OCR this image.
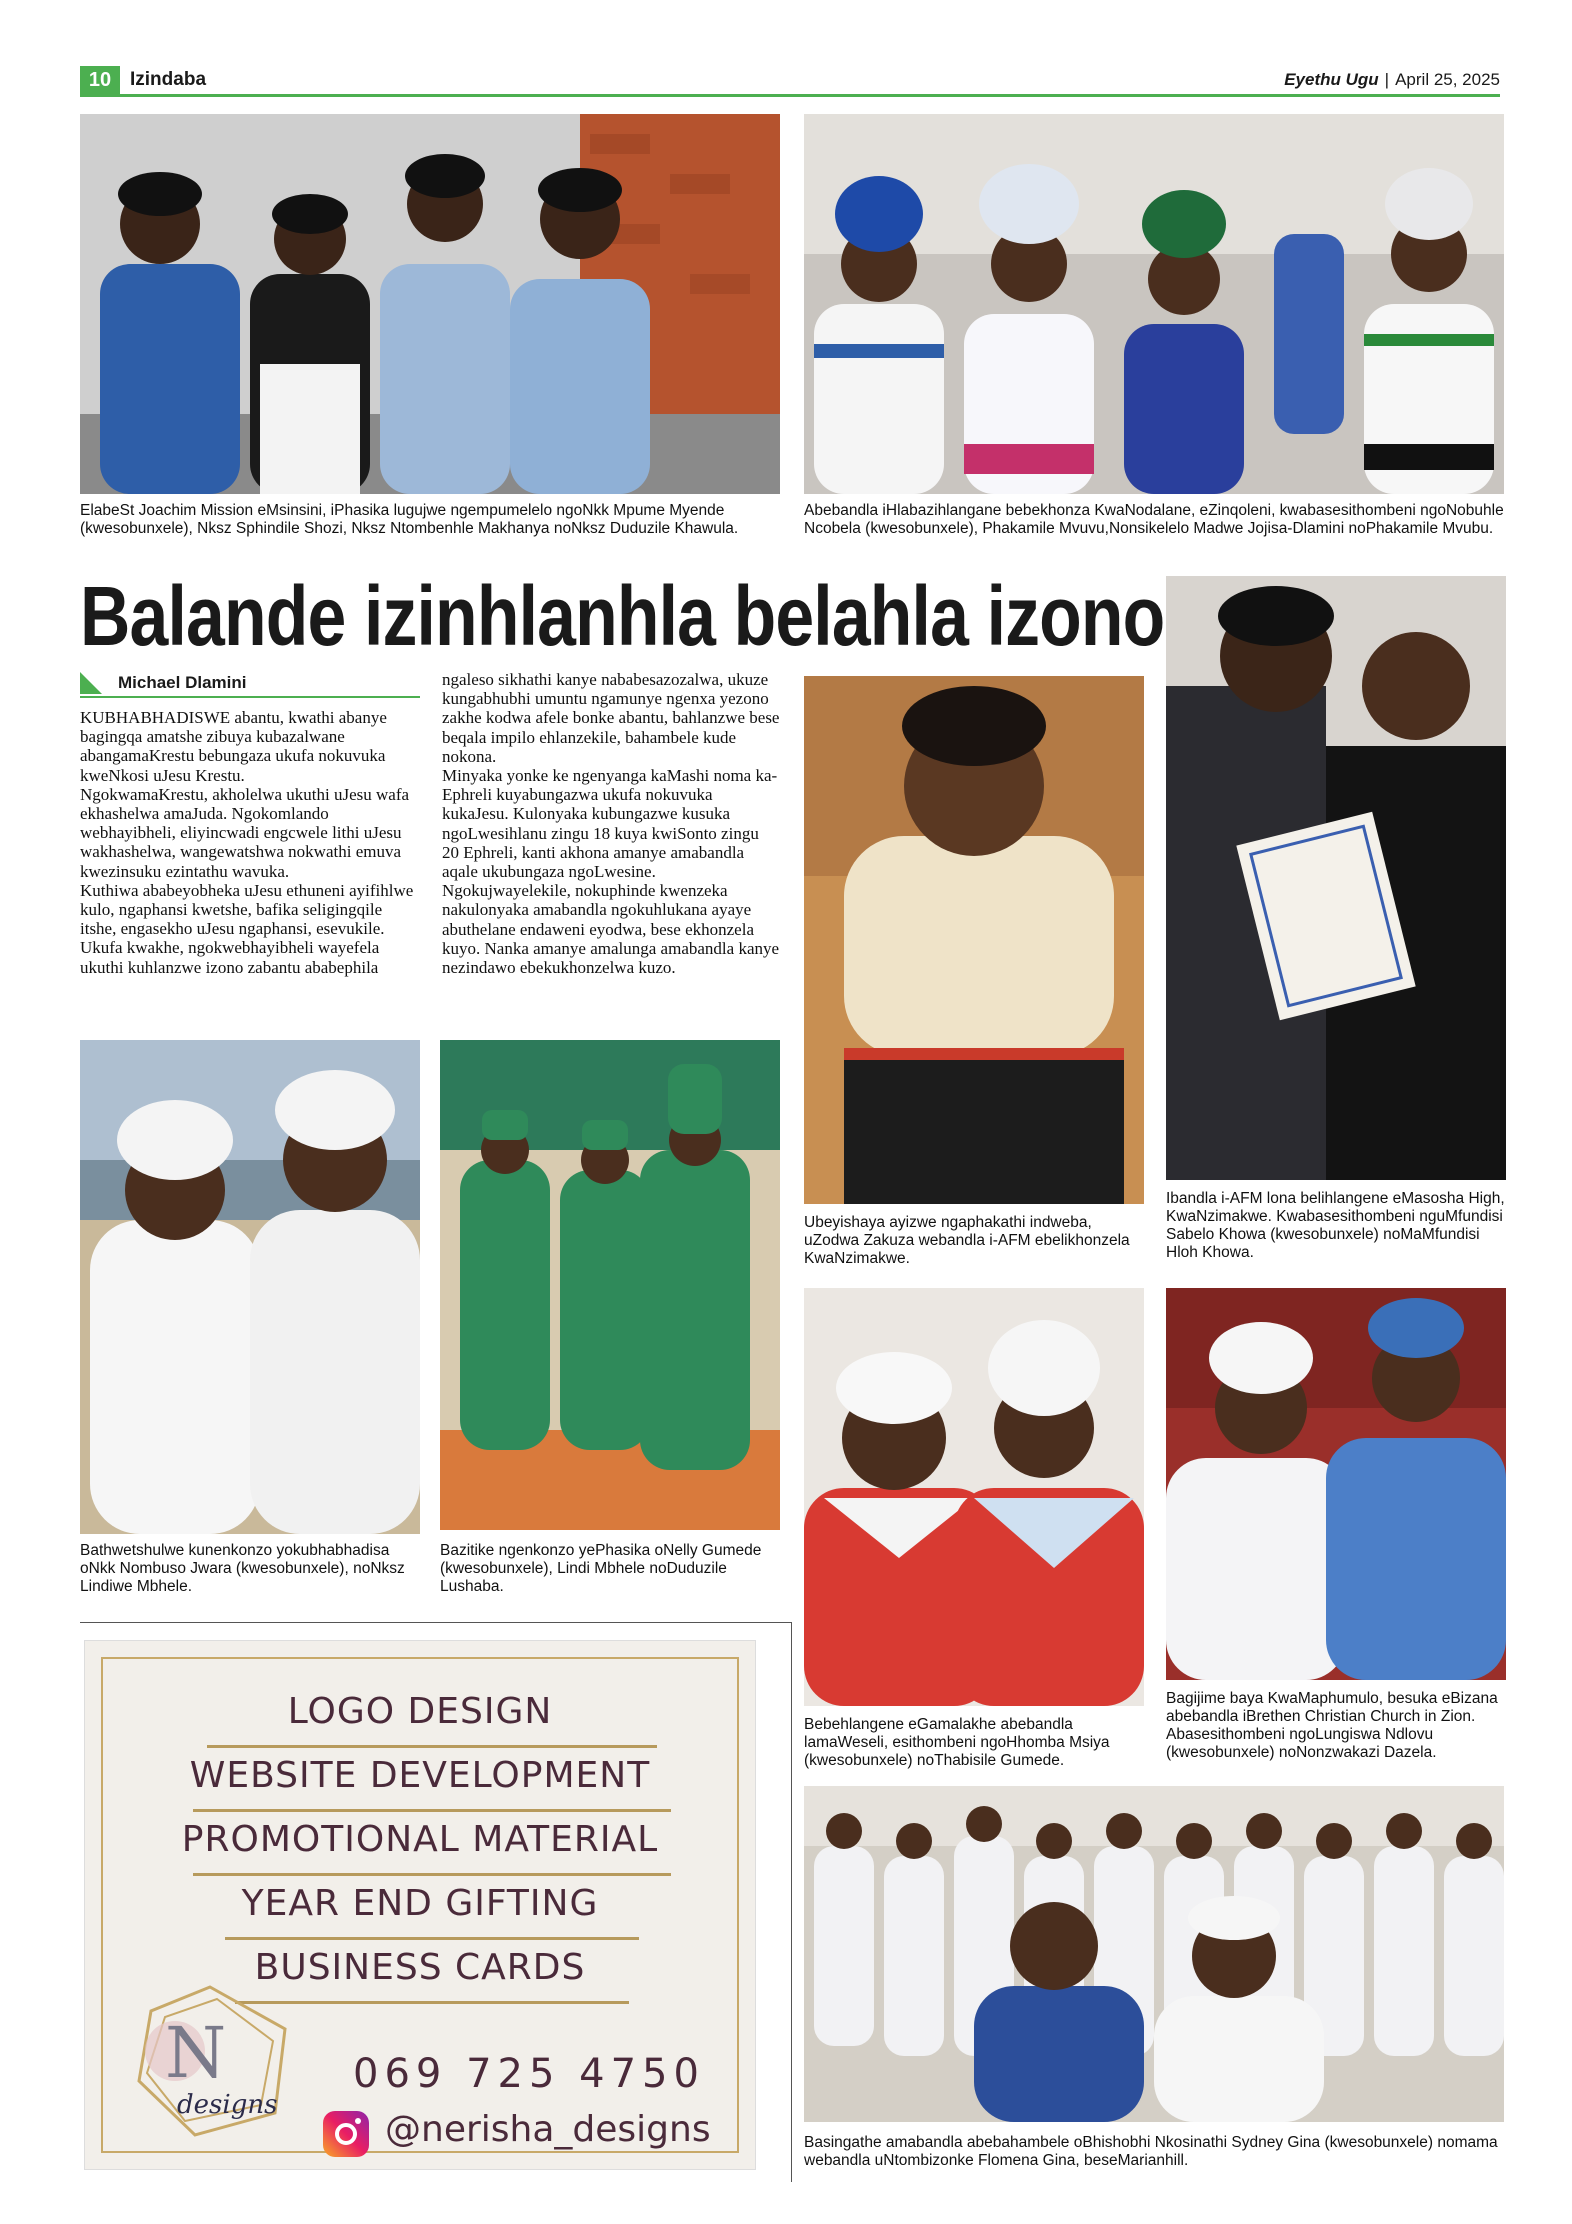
10 Izindaba	Eyethu Ugu | April 25, 2025
ElabeSt Joachim Mission eMsinsini, iPhasika lugujwe ngempumelelo ngoNkk Mpume Myende (kwesobunxele), Nksz Sphindile Shozi, Nksz Ntombenhle Makhanya noNksz Duduzile Khawula.
Abebandla iHlabazihlangane bebekhonza KwaNodalane, eZinqoleni, kwabasesithombeni ngoNobuhle Ncobela (kwesobunxele), Phakamile Mvuvu,Nonsikelelo Madwe Jojisa-Dlamini noPhakamile Mvubu.
Balande izinhlanhla belahla izono
Michael Dlamini

KUBHABHADISWE abantu, kwathi abanye bagingqa amatshe zibuya kubazalwane abangamaKrestu bebungaza ukufa nokuvuka kweNkosi uJesu Krestu.

NgokwamaKrestu, akholelwa ukuthi uJesu wafa ekhashelwa amaJuda. Ngokomlando webhayibheli, eliyincwadi engcwele lithi uJesu wakhashelwa, wangewatshwa nokwathi emuva kwezinsuku ezintathu wavuka.

Kuthiwa ababeyobheka uJesu ethuneni ayifihlwe kulo, ngaphansi kwetshe, bafika seligingqile itshe, engasekho uJesu ngaphansi, esevukile. Ukufa kwakhe, ngokwebhayibheli wayefela ukuthi kuhlanzwe izono zabantu ababephila

ngaleso sikhathi kanye nababesazozalwa, ukuze kungabhubhi umuntu ngamunye ngenxa yezono zakhe kodwa afele bonke abantu, bahlanzwe bese beqala impilo ehlanzekile, bahambele kude nokona.

Minyaka yonke ke ngenyanga kaMashi noma ka-Ephreli kuyabungazwa ukufa nokuvuka kukaJesu. Kulonyaka kubungazwe kusuka ngoLwesihlanu zingu 18 kuya kwiSonto zingu 20 Ephreli, kanti akhona amanye amabandla aqale ukubungaza ngoLwesine.

Ngokujwayelekile, nokuphinde kwenzeka nakulonyaka amabandla ngokuhlukana ayaye abuthelane endaweni eyodwa, bese ekhonzela kuyo. Nanka amanye amalunga amabandla kanye nezindawo ebekukhonzelwa kuzo.

Ubeyishaya ayizwe ngaphakathi indweba, uZodwa Zakuza webandla i-AFM ebelikhonzela KwaNzimakwe.
Ibandla i-AFM lona belihlangene eMasosha High, KwaNzimakwe. Kwabasesithombeni nguMfundisi Sabelo Khowa (kwesobunxele) noMaMfundisi Hloh Khowa.
Bathwetshulwe kunenkonzo yokubhabhadisa oNkk Nombuso Jwara (kwesobunxele), noNksz Lindiwe Mbhele.
Bazitike ngenkonzo yePhasika oNelly Gumede (kwesobunxele), Lindi Mbhele noDuduzile Lushaba.
Bebehlangene eGamalakhe abebandla lamaWeseli, esithombeni ngoHhomba Msiya (kwesobunxele) noThabisile Gumede.
Bagijime baya KwaMaphumulo, besuka eBizana abebandla iBrethen Christian Church in Zion. Abasesithombeni ngoLungiswa Ndlovu (kwesobunxele) noNonzwakazi Dazela.
Basingathe amabandla abebahambele oBhishobhi Nkosinathi Sydney Gina (kwesobunxele) nomama webandla uNtombizonke Flomena Gina, beseMarianhill.
LOGO DESIGN
WEBSITE DEVELOPMENT
PROMOTIONAL MATERIAL
YEAR END GIFTING
BUSINESS CARDS
N
designs
069 725 4750
@nerisha_designs
